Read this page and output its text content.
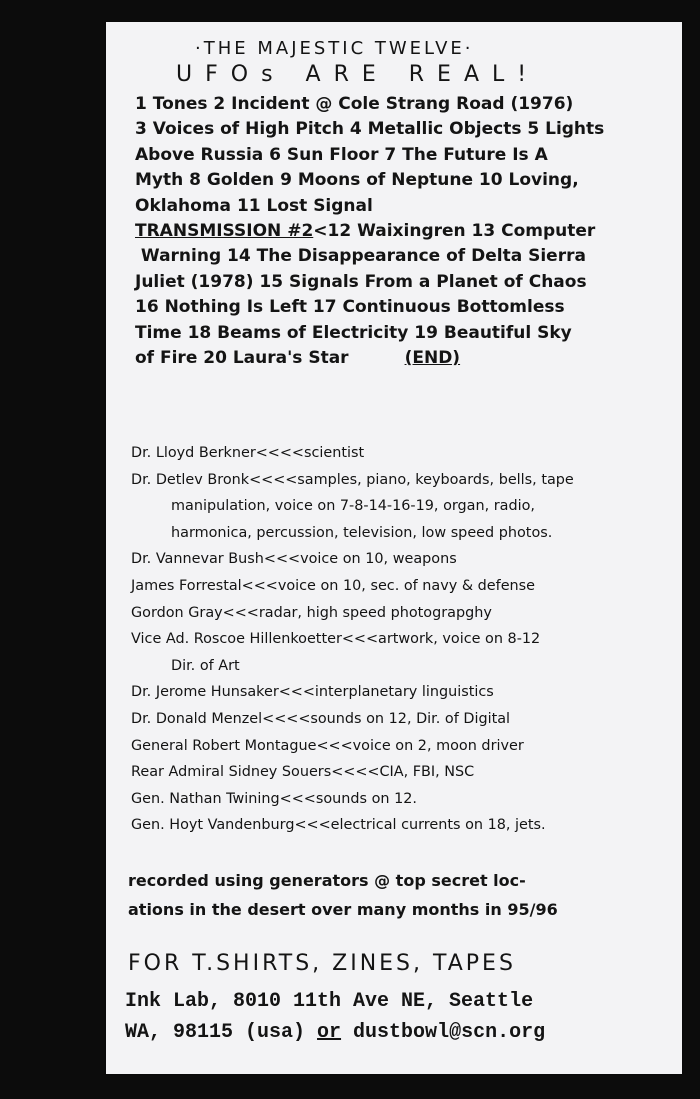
·THE MAJESTIC TWELVE·
UFOs ARE REAL!
1 Tones 2 Incident @ Cole Strang Road (1976)
3 Voices of High Pitch 4 Metallic Objects 5 Lights
Above Russia 6 Sun Floor 7 The Future Is A
Myth 8 Golden 9 Moons of Neptune 10 Loving,
Oklahoma 11 Lost Signal
TRANSMISSION #2<12 Waixingren 13 Computer
Warning 14 The Disappearance of Delta Sierra
Juliet (1978) 15 Signals From a Planet of Chaos
16 Nothing Is Left 17 Continuous Bottomless
Time 18 Beams of Electricity 19 Beautiful Sky
of Fire 20 Laura's Star	(END)
Dr. Lloyd Berkner<<<<scientist
Dr. Detlev Bronk<<<<samples, piano, keyboards, bells, tape
manipulation, voice on 7-8-14-16-19, organ, radio,
harmonica, percussion, television, low speed photos.
Dr. Vannevar Bush<<<voice on 10, weapons
James Forrestal<<<voice on 10, sec. of navy & defense
Gordon Gray<<<radar, high speed photograpghy
Vice Ad. Roscoe Hillenkoetter<<<artwork, voice on 8-12
Dir. of Art
Dr. Jerome Hunsaker<<<interplanetary linguistics
Dr. Donald Menzel<<<<sounds on 12, Dir. of Digital
General Robert Montague<<<voice on 2, moon driver
Rear Admiral Sidney Souers<<<<CIA, FBI, NSC
Gen. Nathan Twining<<<sounds on 12.
Gen. Hoyt Vandenburg<<<electrical currents on 18, jets.
recorded using generators @ top secret loc-
ations in the desert over many months in 95/96
FOR T.SHIRTS, ZINES, TAPES
Ink Lab, 8010 11th Ave NE, Seattle
WA, 98115 (usa) or dustbowl@scn.org
